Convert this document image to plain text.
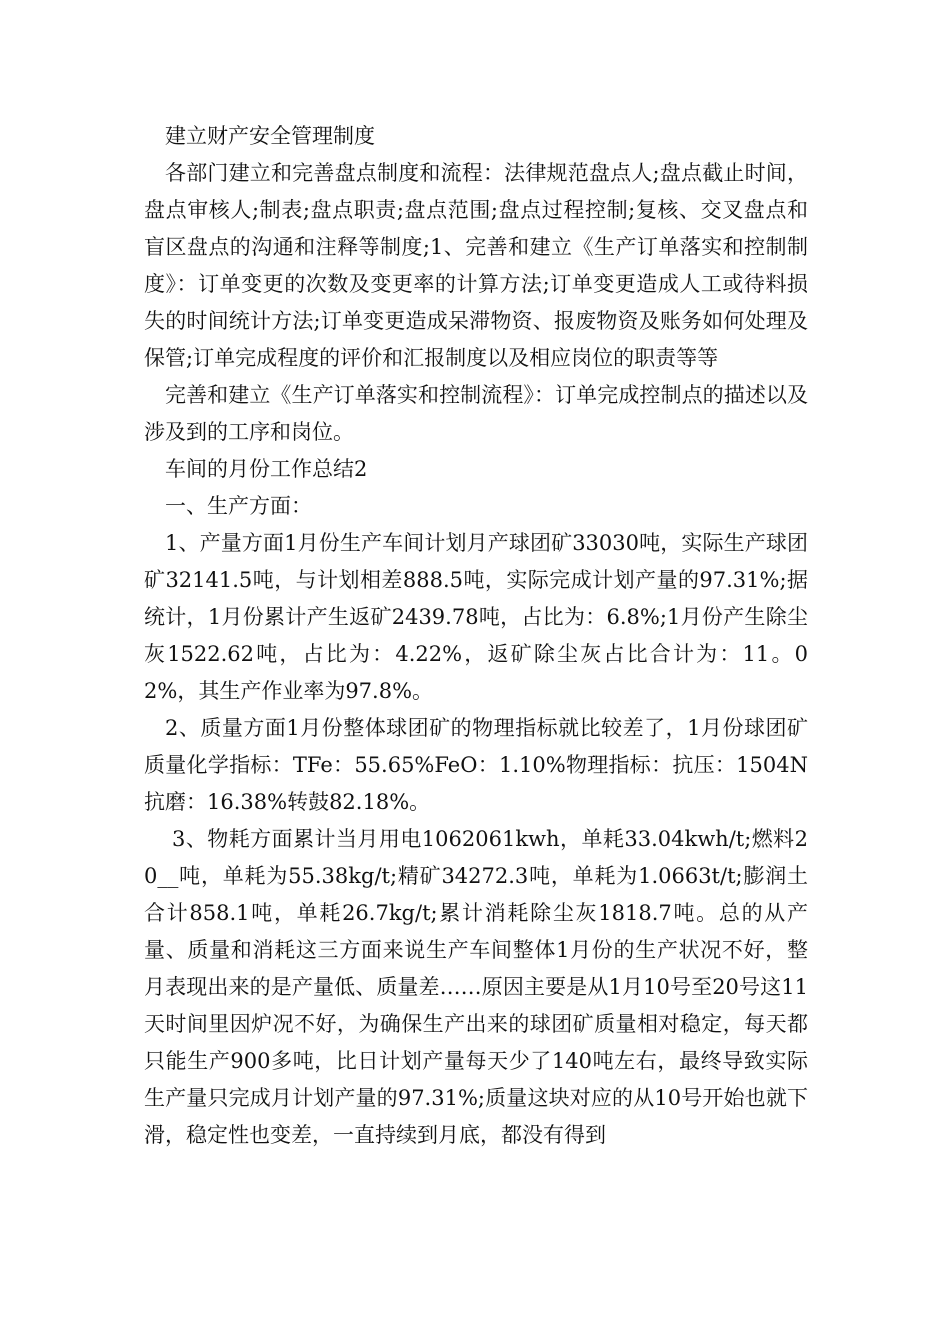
建立财产安全管理制度

各部门建立和完善盘点制度和流程：法律规范盘点人;盘点截止时间，盘点审核人;制表;盘点职责;盘点范围;盘点过程控制;复核、交叉盘点和盲区盘点的沟通和注释等制度;1、完善和建立《生产订单落实和控制制度》：订单变更的次数及变更率的计算方法;订单变更造成人工或待料损失的时间统计方法;订单变更造成呆滞物资、报废物资及账务如何处理及保管;订单完成程度的评价和汇报制度以及相应岗位的职责等等

完善和建立《生产订单落实和控制流程》：订单完成控制点的描述以及涉及到的工序和岗位。

车间的月份工作总结2

一、生产方面：

1、产量方面1月份生产车间计划月产球团矿33030吨，实际生产球团矿32141.5吨，与计划相差888.5吨，实际完成计划产量的97.31%;据统计，1月份累计产生返矿2439.78吨，占比为：6.8%;1月份产生除尘灰1522.62吨，占比为：4.22%，返矿除尘灰占比合计为：11。02%，其生产作业率为97.8%。

2、质量方面1月份整体球团矿的物理指标就比较差了，1月份球团矿质量化学指标：TFe：55.65%FeO：1.10%物理指标：抗压：1504N抗磨：16.38%转鼓82.18%。

3、物耗方面累计当月用电1062061kwh，单耗33.04kwh/t;燃料20__吨，单耗为55.38kg/t;精矿34272.3吨，单耗为1.0663t/t;膨润土合计858.1吨，单耗26.7kg/t;累计消耗除尘灰1818.7吨。总的从产量、质量和消耗这三方面来说生产车间整体1月份的生产状况不好，整月表现出来的是产量低、质量差……原因主要是从1月10号至20号这11天时间里因炉况不好，为确保生产出来的球团矿质量相对稳定，每天都只能生产900多吨，比日计划产量每天少了140吨左右，最终导致实际生产量只完成月计划产量的97.31%;质量这块对应的从10号开始也就下滑，稳定性也变差，一直持续到月底，都没有得到
